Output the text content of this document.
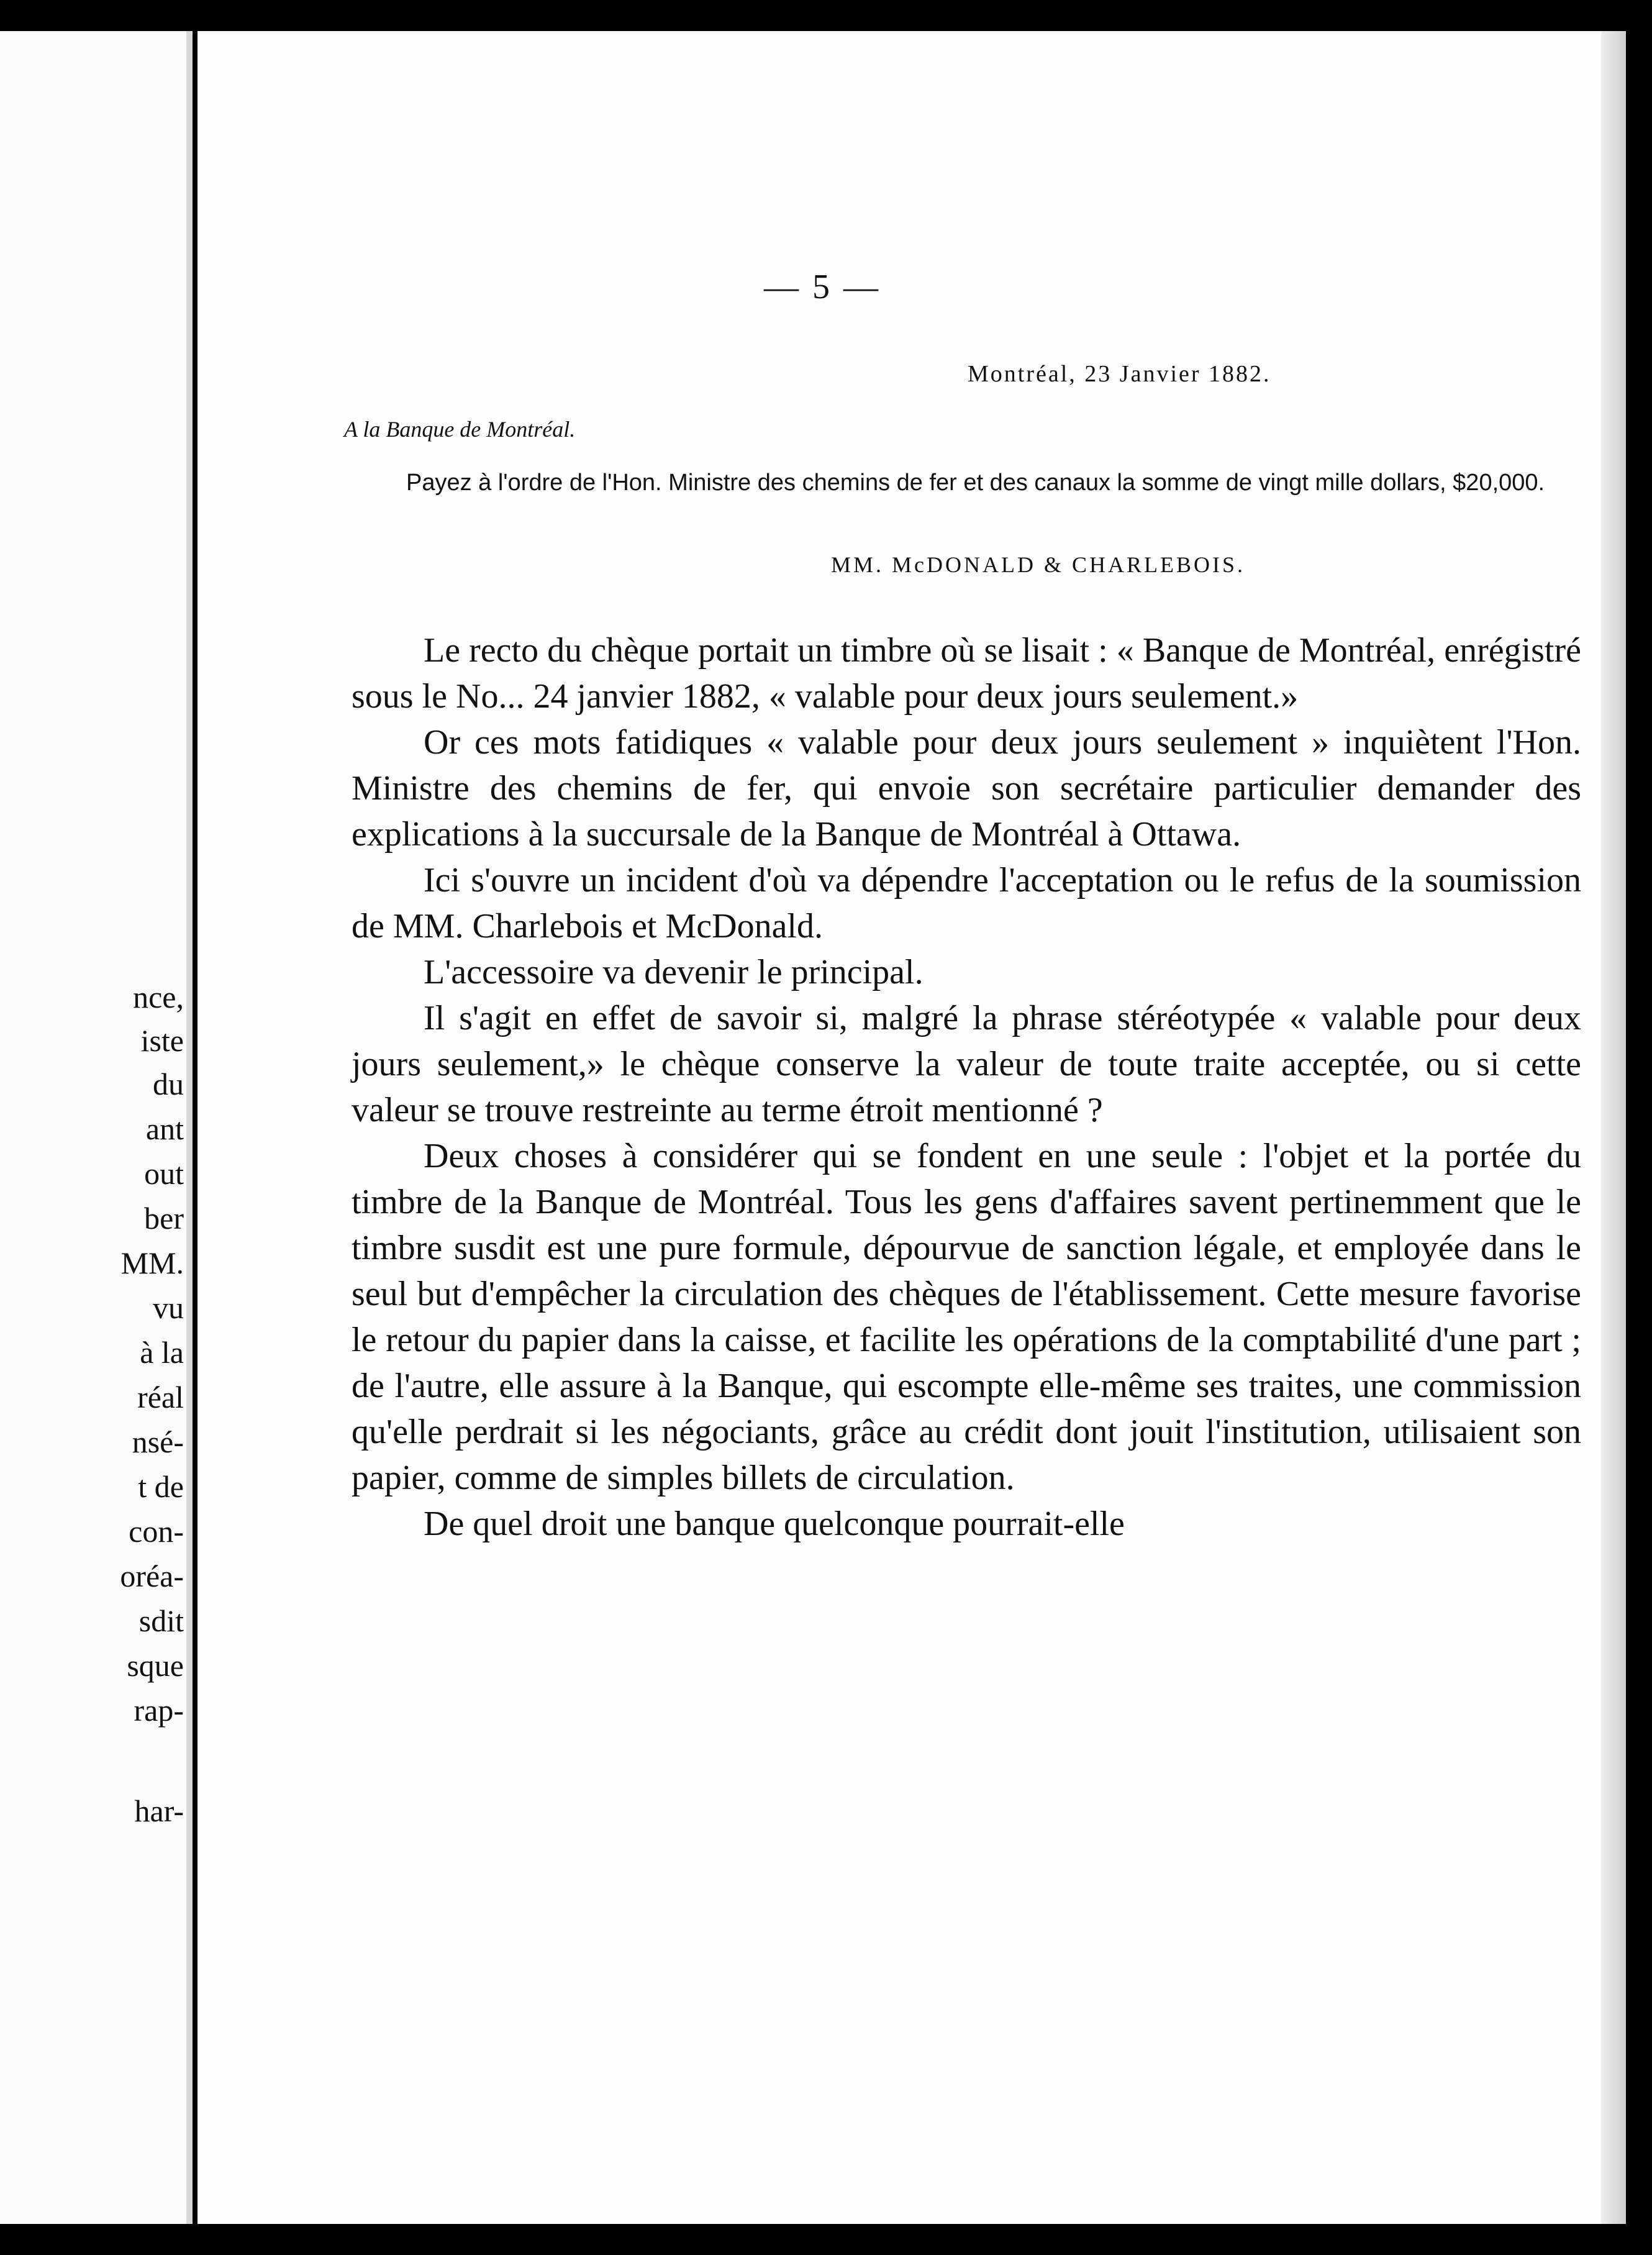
nce,
iste
du
ant
out
ber
MM.
vu
à la
réal
nsé-
t de
con-
oréa-
sdit
sque
rap-
har-
— 5 —
Montréal, 23 Janvier 1882.
A la Banque de Montréal.
Payez à l'ordre de l'Hon. Ministre des chemins de fer et des canaux la somme de vingt mille dollars, $20,000.
MM. McDONALD & CHARLEBOIS.

Le recto du chèque portait un timbre où se lisait : « Banque de Montréal, enrégistré sous le No... 24 janvier 1882, « valable pour deux jours seulement.»

Or ces mots fatidiques « valable pour deux jours seulement » inquiètent l'Hon. Ministre des chemins de fer, qui envoie son secrétaire particulier demander des explications à la succursale de la Banque de Montréal à Ottawa.

Ici s'ouvre un incident d'où va dépendre l'acceptation ou le refus de la soumission de MM. Charlebois et McDonald.

L'accessoire va devenir le principal.

Il s'agit en effet de savoir si, malgré la phrase stéréotypée « valable pour deux jours seulement,» le chèque conserve la valeur de toute traite acceptée, ou si cette valeur se trouve restreinte au terme étroit mentionné ?

Deux choses à considérer qui se fondent en une seule : l'objet et la portée du timbre de la Banque de Montréal. Tous les gens d'affaires savent pertinemment que le timbre susdit est une pure formule, dépourvue de sanction légale, et employée dans le seul but d'empêcher la circulation des chèques de l'établissement. Cette mesure favorise le retour du papier dans la caisse, et facilite les opérations de la comptabilité d'une part ; de l'autre, elle assure à la Banque, qui escompte elle-même ses traites, une commission qu'elle perdrait si les négociants, grâce au crédit dont jouit l'institution, utilisaient son papier, comme de simples billets de circulation.

De quel droit une banque quelconque pourrait-elle
